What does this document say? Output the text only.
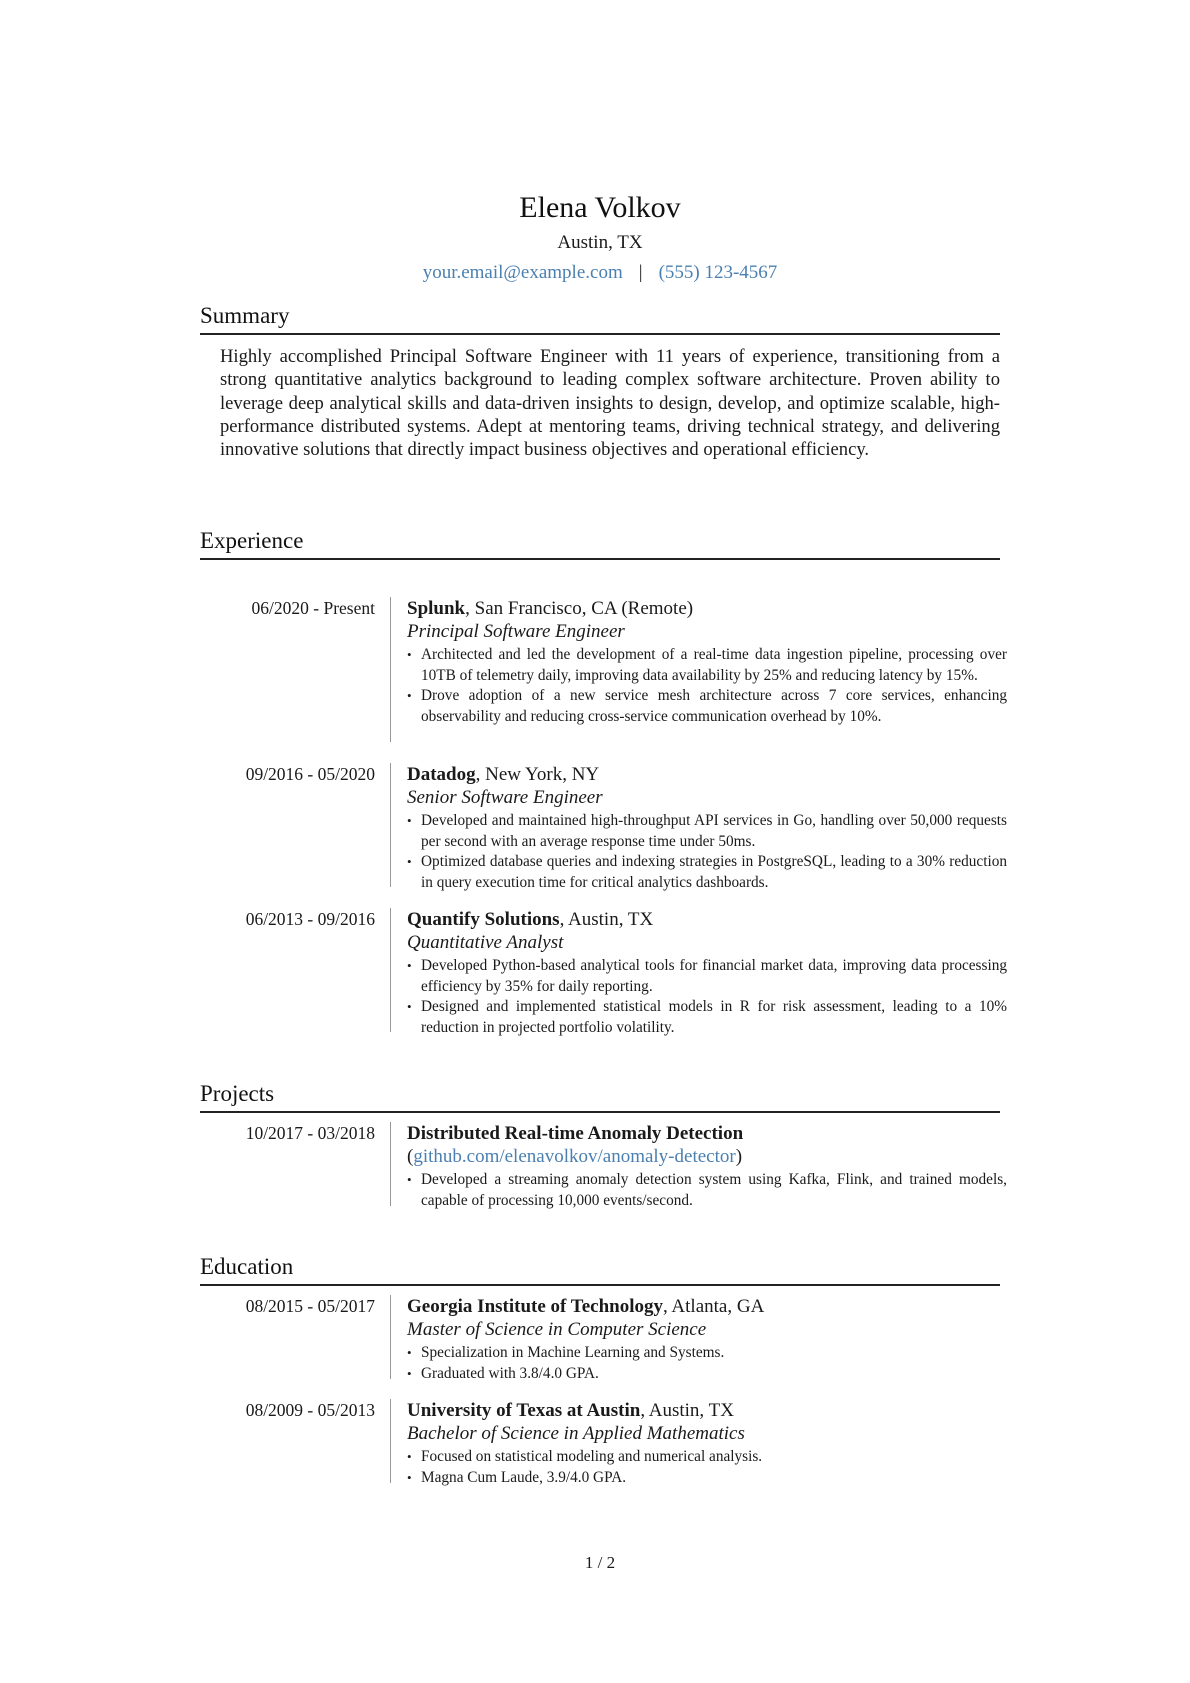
Elena Volkov
Austin, TX
your.email@example.com | (555) 123-4567
Summary
Highly accomplished Principal Software Engineer with 11 years of experience, transitioning from a strong quantitative analytics background to leading complex software architecture. Proven ability to leverage deep analytical skills and data-driven insights to design, develop, and optimize scalable, high-performance distributed systems. Adept at mentoring teams, driving technical strategy, and delivering innovative solutions that directly impact business objectives and operational efficiency.
Experience
06/2020 - Present Splunk, San Francisco, CA (Remote)
Principal Software Engineer
• Architected and led the development of a real-time data ingestion pipeline, processing over 10TB of telemetry daily, improving data availability by 25% and reducing latency by 15%.
• Drove adoption of a new service mesh architecture across 7 core services, enhancing observability and reducing cross-service communication overhead by 10%.
09/2016 - 05/2020 Datadog, New York, NY
Senior Software Engineer
• Developed and maintained high-throughput API services in Go, handling over 50,000 requests per second with an average response time under 50ms.
• Optimized database queries and indexing strategies in PostgreSQL, leading to a 30% reduction in query execution time for critical analytics dashboards.
06/2013 - 09/2016 Quantify Solutions, Austin, TX
Quantitative Analyst
• Developed Python-based analytical tools for financial market data, improving data processing efficiency by 35% for daily reporting.
• Designed and implemented statistical models in R for risk assessment, leading to a 10% reduction in projected portfolio volatility.
Projects
10/2017 - 03/2018 Distributed Real-time Anomaly Detection (github.com/elenavolkov/anomaly-detector)
• Developed a streaming anomaly detection system using Kafka, Flink, and trained models, capable of processing 10,000 events/second.
Education
08/2015 - 05/2017 Georgia Institute of Technology, Atlanta, GA
Master of Science in Computer Science
• Specialization in Machine Learning and Systems.
• Graduated with 3.8/4.0 GPA.
08/2009 - 05/2013 University of Texas at Austin, Austin, TX
Bachelor of Science in Applied Mathematics
• Focused on statistical modeling and numerical analysis.
• Magna Cum Laude, 3.9/4.0 GPA.
1 / 2
